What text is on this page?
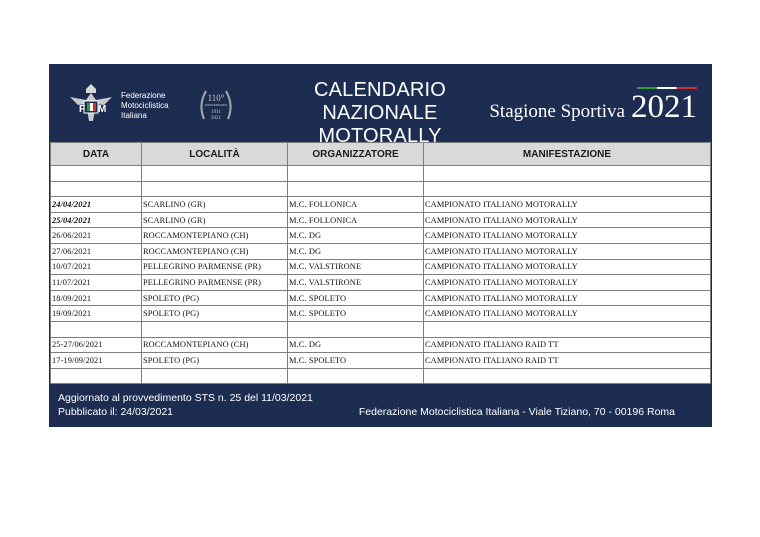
F M
Federazione
Motociclistica
Italiana
110°
ANNIVERSARIO
1911
2021
CALENDARIO NAZIONALE
MOTORALLY
Stagione Sportiva 2021
DATA	LOCALITÀ	ORGANIZZATORE	MANIFESTAZIONE

24/04/2021	SCARLINO (GR)	M.C. FOLLONICA	CAMPIONATO ITALIANO MOTORALLY
25/04/2021	SCARLINO (GR)	M.C. FOLLONICA	CAMPIONATO ITALIANO MOTORALLY
26/06/2021	ROCCAMONTEPIANO (CH)	M.C. DG	CAMPIONATO ITALIANO MOTORALLY
27/06/2021	ROCCAMONTEPIANO (CH)	M.C. DG	CAMPIONATO ITALIANO MOTORALLY
10/07/2021	PELLEGRINO PARMENSE (PR)	M.C. VALSTIRONE	CAMPIONATO ITALIANO MOTORALLY
11/07/2021	PELLEGRINO PARMENSE (PR)	M.C. VALSTIRONE	CAMPIONATO ITALIANO MOTORALLY
18/09/2021	SPOLETO (PG)	M.C. SPOLETO	CAMPIONATO ITALIANO MOTORALLY
19/09/2021	SPOLETO (PG)	M.C. SPOLETO	CAMPIONATO ITALIANO MOTORALLY

25-27/06/2021	ROCCAMONTEPIANO (CH)	M.C. DG	CAMPIONATO ITALIANO RAID TT
17-19/09/2021	SPOLETO (PG)	M.C. SPOLETO	CAMPIONATO ITALIANO RAID TT

Aggiornato al provvedimento STS n. 25 del 11/03/2021
Pubblicato il: 24/03/2021	Federazione Motociclistica Italiana - Viale Tiziano, 70 - 00196 Roma
